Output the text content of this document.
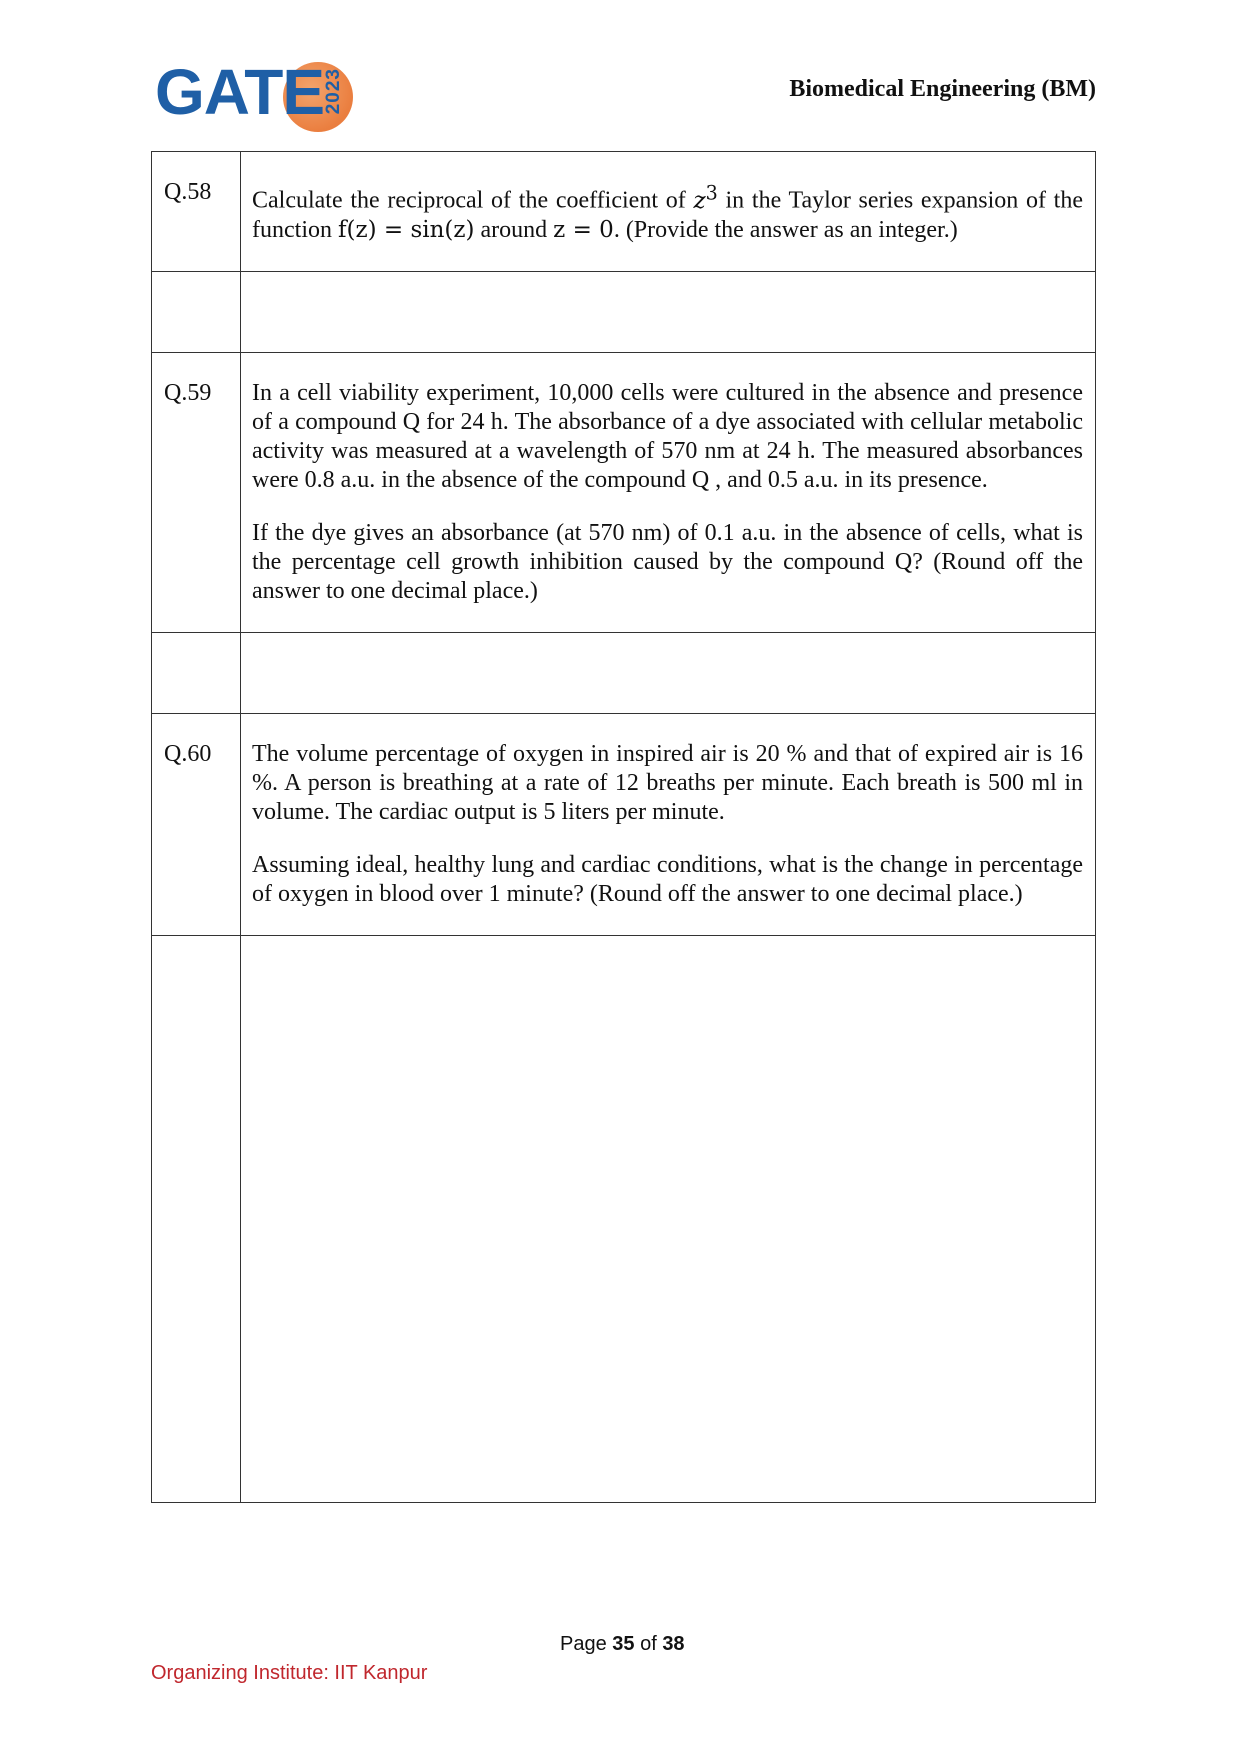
GATE
2023	Biomedical Engineering (BM)
Q.58	Calculate the reciprocal of the coefficient of $z^3$ in the Taylor series expansion of the function f(z) = sin(z) around z = 0. (Provide the answer as an integer.)

Q.59	In a cell viability experiment, 10,000 cells were cultured in the absence and presence of a compound Q for 24 h. The absorbance of a dye associated with cellular metabolic activity was measured at a wavelength of 570 nm at 24 h. The measured absorbances were 0.8 a.u. in the absence of the compound Q , and 0.5 a.u. in its presence.

If the dye gives an absorbance (at 570 nm) of 0.1 a.u. in the absence of cells, what is the percentage cell growth inhibition caused by the compound Q? (Round off the answer to one decimal place.)

Q.60	The volume percentage of oxygen in inspired air is 20 % and that of expired air is 16 %. A person is breathing at a rate of 12 breaths per minute. Each breath is 500 ml in volume. The cardiac output is 5 liters per minute.

Assuming ideal, healthy lung and cardiac conditions, what is the change in percentage of oxygen in blood over 1 minute? (Round off the answer to one decimal place.)

Page 35 of 38
Organizing Institute: IIT Kanpur
